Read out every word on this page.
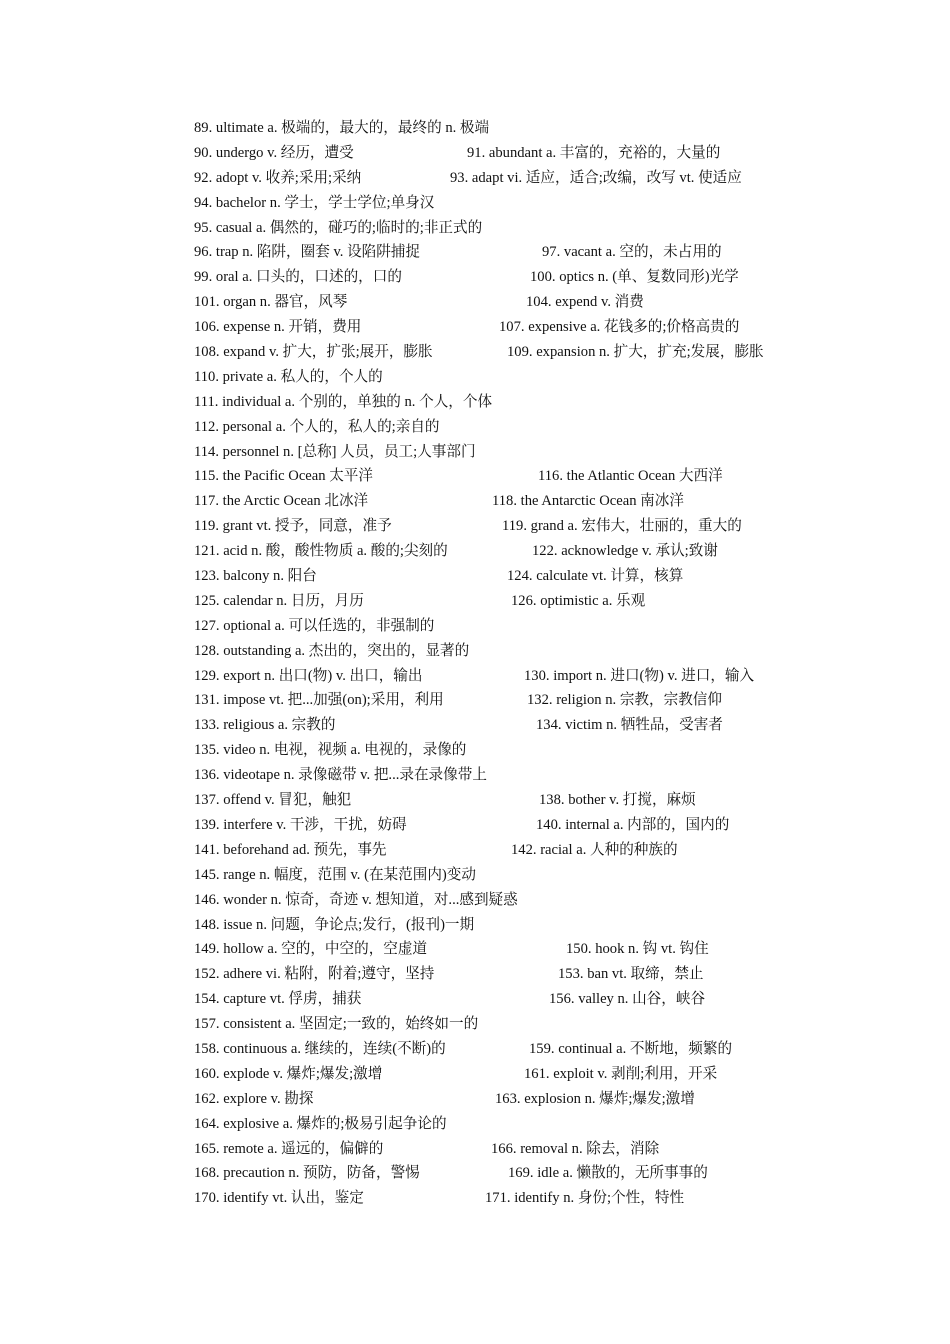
89. ultimate a. 极端的，最大的，最终的 n. 极端
90. undergo v. 经历，遭受	91. abundant a. 丰富的，充裕的，大量的
92. adopt v. 收养;采用;采纳	93. adapt vi. 适应，适合;改编，改写 vt. 使适应
94. bachelor n. 学士，学士学位;单身汉
95. casual a. 偶然的，碰巧的;临时的;非正式的
96. trap n. 陷阱，圈套 v. 设陷阱捕捉	97. vacant a. 空的，未占用的
99. oral a. 口头的，口述的，口的	100. optics n. (单、复数同形)光学
101. organ n. 器官，风琴	104. expend v. 消费
106. expense n. 开销，费用	107. expensive a. 花钱多的;价格高贵的
108. expand v. 扩大，扩张;展开，膨胀	109. expansion n. 扩大，扩充;发展，膨胀
110. private a. 私人的，个人的
111. individual a. 个别的，单独的 n. 个人，个体
112. personal a. 个人的，私人的;亲自的
114. personnel n. [总称] 人员，员工;人事部门
115. the Pacific Ocean 太平洋	116. the Atlantic Ocean 大西洋
117. the Arctic Ocean 北冰洋	118. the Antarctic Ocean 南冰洋
119. grant vt. 授予，同意，准予	119. grand a. 宏伟大，壮丽的，重大的
121. acid n. 酸，酸性物质 a. 酸的;尖刻的	122. acknowledge v. 承认;致谢
123. balcony n. 阳台	124. calculate vt. 计算，核算
125. calendar n. 日历，月历	126. optimistic a. 乐观
127. optional a. 可以任选的，非强制的
128. outstanding a. 杰出的，突出的，显著的
129. export n. 出口(物) v. 出口，输出	130. import n. 进口(物) v. 进口，输入
131. impose vt. 把...加强(on);采用，利用	132. religion n. 宗教，宗教信仰
133. religious a. 宗教的	134. victim n. 牺牲品，受害者
135. video n. 电视，视频 a. 电视的，录像的
136. videotape n. 录像磁带 v. 把...录在录像带上
137. offend v. 冒犯，触犯	138. bother v. 打搅，麻烦
139. interfere v. 干涉，干扰，妨碍	140. internal a. 内部的，国内的
141. beforehand ad. 预先，事先	142. racial a. 人种的种族的
145. range n. 幅度，范围 v. (在某范围内)变动
146. wonder n. 惊奇，奇迹 v. 想知道，对...感到疑惑
148. issue n. 问题，争论点;发行，(报刊)一期
149. hollow a. 空的，中空的，空虚道	150. hook n. 钩 vt. 钩住
152. adhere vi. 粘附，附着;遵守，坚持	153. ban vt. 取缔，禁止
154. capture vt. 俘虏，捕获	156. valley n. 山谷，峡谷
157. consistent a. 坚固定;一致的，始终如一的
158. continuous a. 继续的，连续(不断)的	159. continual a. 不断地，频繁的
160. explode v. 爆炸;爆发;激增	161. exploit v. 剥削;利用，开采
162. explore v. 勘探	163. explosion n. 爆炸;爆发;激增
164. explosive a. 爆炸的;极易引起争论的
165. remote a. 遥远的，偏僻的	166. removal n. 除去，消除
168. precaution n. 预防，防备，警惕	169. idle a. 懒散的，无所事事的
170. identify vt. 认出，鉴定	171. identify n. 身份;个性，特性
